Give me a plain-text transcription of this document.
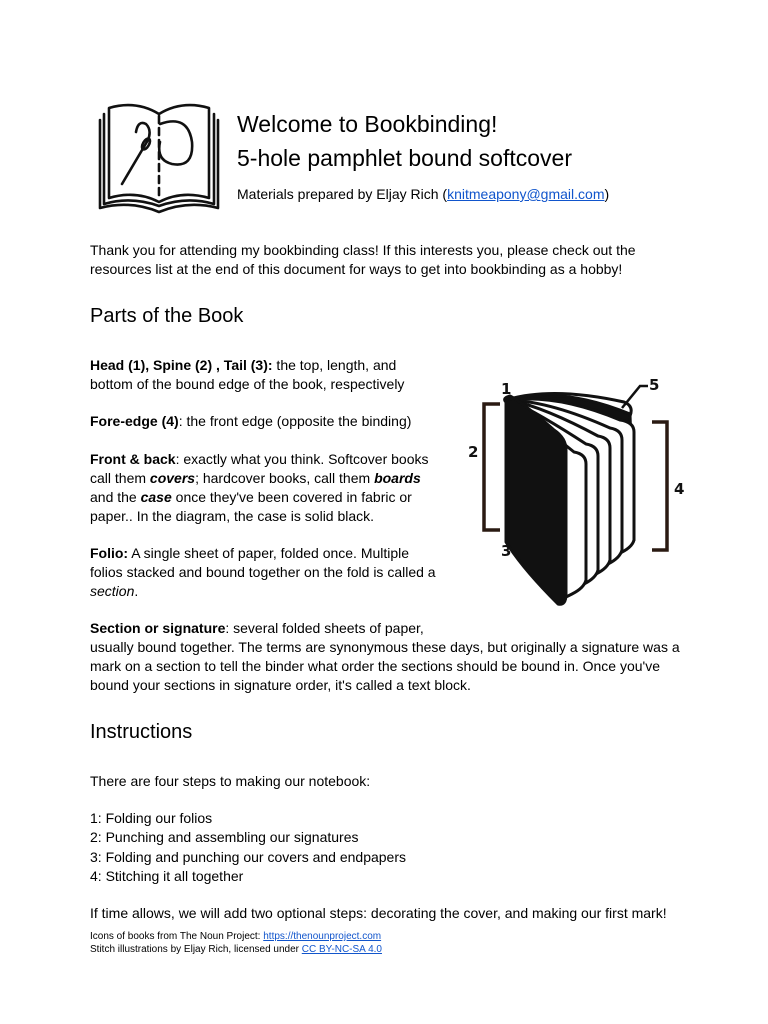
Welcome to Bookbinding!
5-hole pamphlet bound softcover
Materials prepared by Eljay Rich (knitmeapony@gmail.com)
Thank you for attending my bookbinding class! If this interests you, please check out the resources list at the end of this document for ways to get into bookbinding as a hobby!
Parts of the Book
Head (1), Spine (2) , Tail (3): the top, length, and bottom of the bound edge of the book, respectively
Fore-edge (4): the front edge (opposite the binding)
Front & back: exactly what you think. Softcover books call them covers; hardcover books, call them boards and the case once they've been covered in fabric or paper.. In the diagram, the case is solid black.
Folio: A single sheet of paper, folded once. Multiple folios stacked and bound together on the fold is called a section.
Section or signature: several folded sheets of paper,
usually bound together. The terms are synonymous these days, but originally a signature was a mark on a section to tell the binder what order the sections should be bound in. Once you've bound your sections in signature order, it's called a text block.
1
2
3
4
5
Instructions
There are four steps to making our notebook:
1: Folding our folios
2: Punching and assembling our signatures
3: Folding and punching our covers and endpapers
4: Stitching it all together
If time allows, we will add two optional steps: decorating the cover, and making our first mark!
Icons of books from The Noun Project: https://thenounproject.com
Stitch illustrations by Eljay Rich, licensed under CC BY-NC-SA 4.0
